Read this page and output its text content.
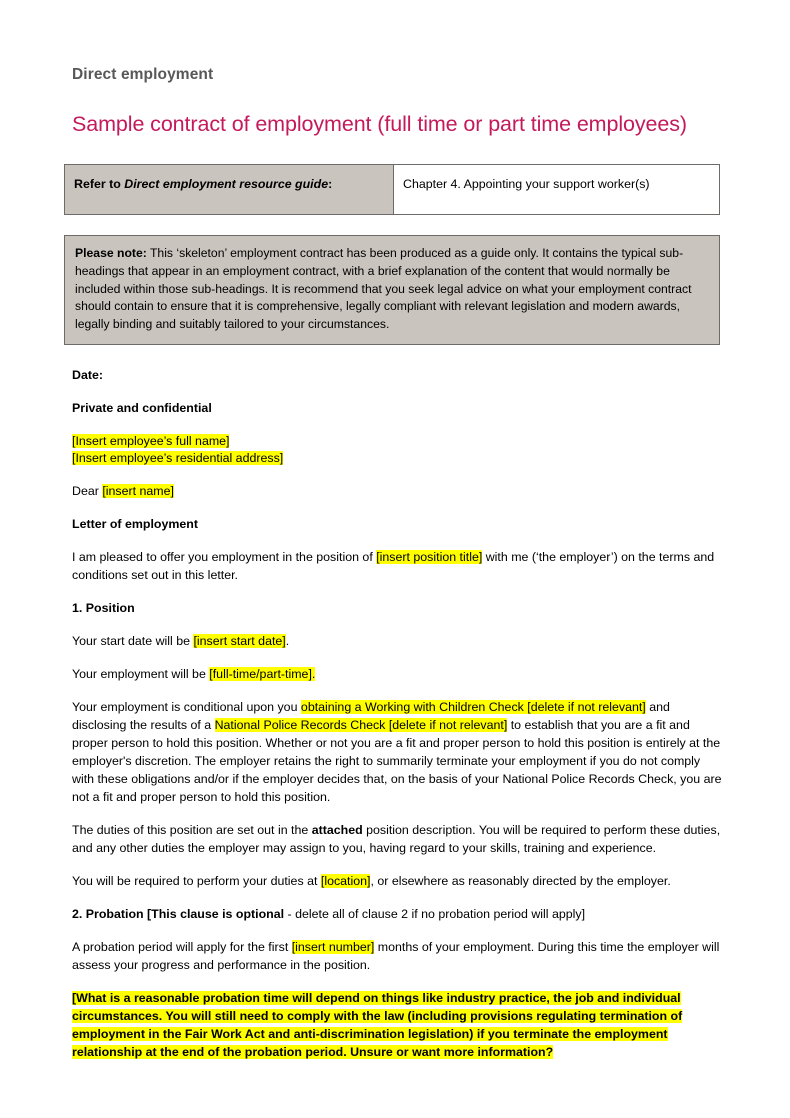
Direct employment
Sample contract of employment (full time or part time employees)
Refer to Direct employment resource guide:	Chapter 4. Appointing your support worker(s)
Please note: This ‘skeleton’ employment contract has been produced as a guide only. It contains the typical sub-headings that appear in an employment contract, with a brief explanation of the content that would normally be included within those sub-headings. It is recommend that you seek legal advice on what your employment contract should contain to ensure that it is comprehensive, legally compliant with relevant legislation and modern awards, legally binding and suitably tailored to your circumstances.
Date:
Private and confidential
[Insert employee’s full name]
[Insert employee’s residential address]

Dear [insert name]

Letter of employment

I am pleased to offer you employment in the position of [insert position title] with me (‘the employer’) on the terms and conditions set out in this letter.

1. Position

Your start date will be [insert start date].

Your employment will be [full-time/part-time].

Your employment is conditional upon you obtaining a Working with Children Check [delete if not relevant] and disclosing the results of a National Police Records Check [delete if not relevant] to establish that you are a fit and proper person to hold this position. Whether or not you are a fit and proper person to hold this position is entirely at the employer's discretion. The employer retains the right to summarily terminate your employment if you do not comply with these obligations and/or if the employer decides that, on the basis of your National Police Records Check, you are not a fit and proper person to hold this position.

The duties of this position are set out in the attached position description. You will be required to perform these duties, and any other duties the employer may assign to you, having regard to your skills, training and experience.

You will be required to perform your duties at [location], or elsewhere as reasonably directed by the employer.

2. Probation [This clause is optional - delete all of clause 2 if no probation period will apply]

A probation period will apply for the first [insert number] months of your employment. During this time the employer will assess your progress and performance in the position.

[What is a reasonable probation time will depend on things like industry practice, the job and individual circumstances. You will still need to comply with the law (including provisions regulating termination of employment in the Fair Work Act and anti-discrimination legislation) if you terminate the employment relationship at the end of the probation period. Unsure or want more information?
